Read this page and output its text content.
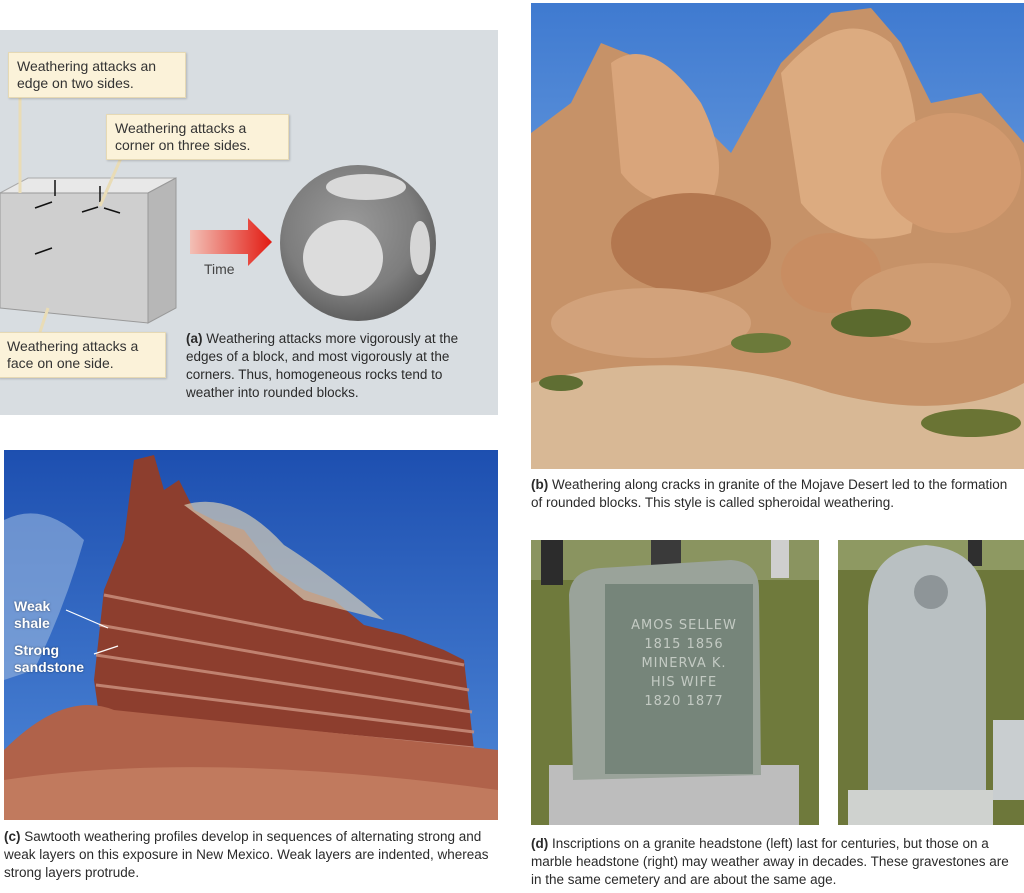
Weathering attacks an
edge on two sides.
Weathering attacks a
corner on three sides.
Weathering attacks a
face on one side.
Time
(a) Weathering attacks more vigorously at the edges of a block, and most vigorously at the corners. Thus, homogeneous rocks tend to weather into rounded blocks.
(b) Weathering along cracks in granite of the Mojave Desert led to the formation of rounded blocks. This style is called spheroidal weathering.
Weak
shale
Strong
sandstone
(c) Sawtooth weathering profiles develop in sequences of alternating strong and weak layers on this exposure in New Mexico. Weak layers are indented, whereas strong layers protrude.
AMOS SELLEW
1815 1856
MINERVA K.
HIS WIFE
1820 1877
(d) Inscriptions on a granite headstone (left) last for centuries, but those on a marble headstone (right) may weather away in decades. These gravestones are in the same cemetery and are about the same age.
